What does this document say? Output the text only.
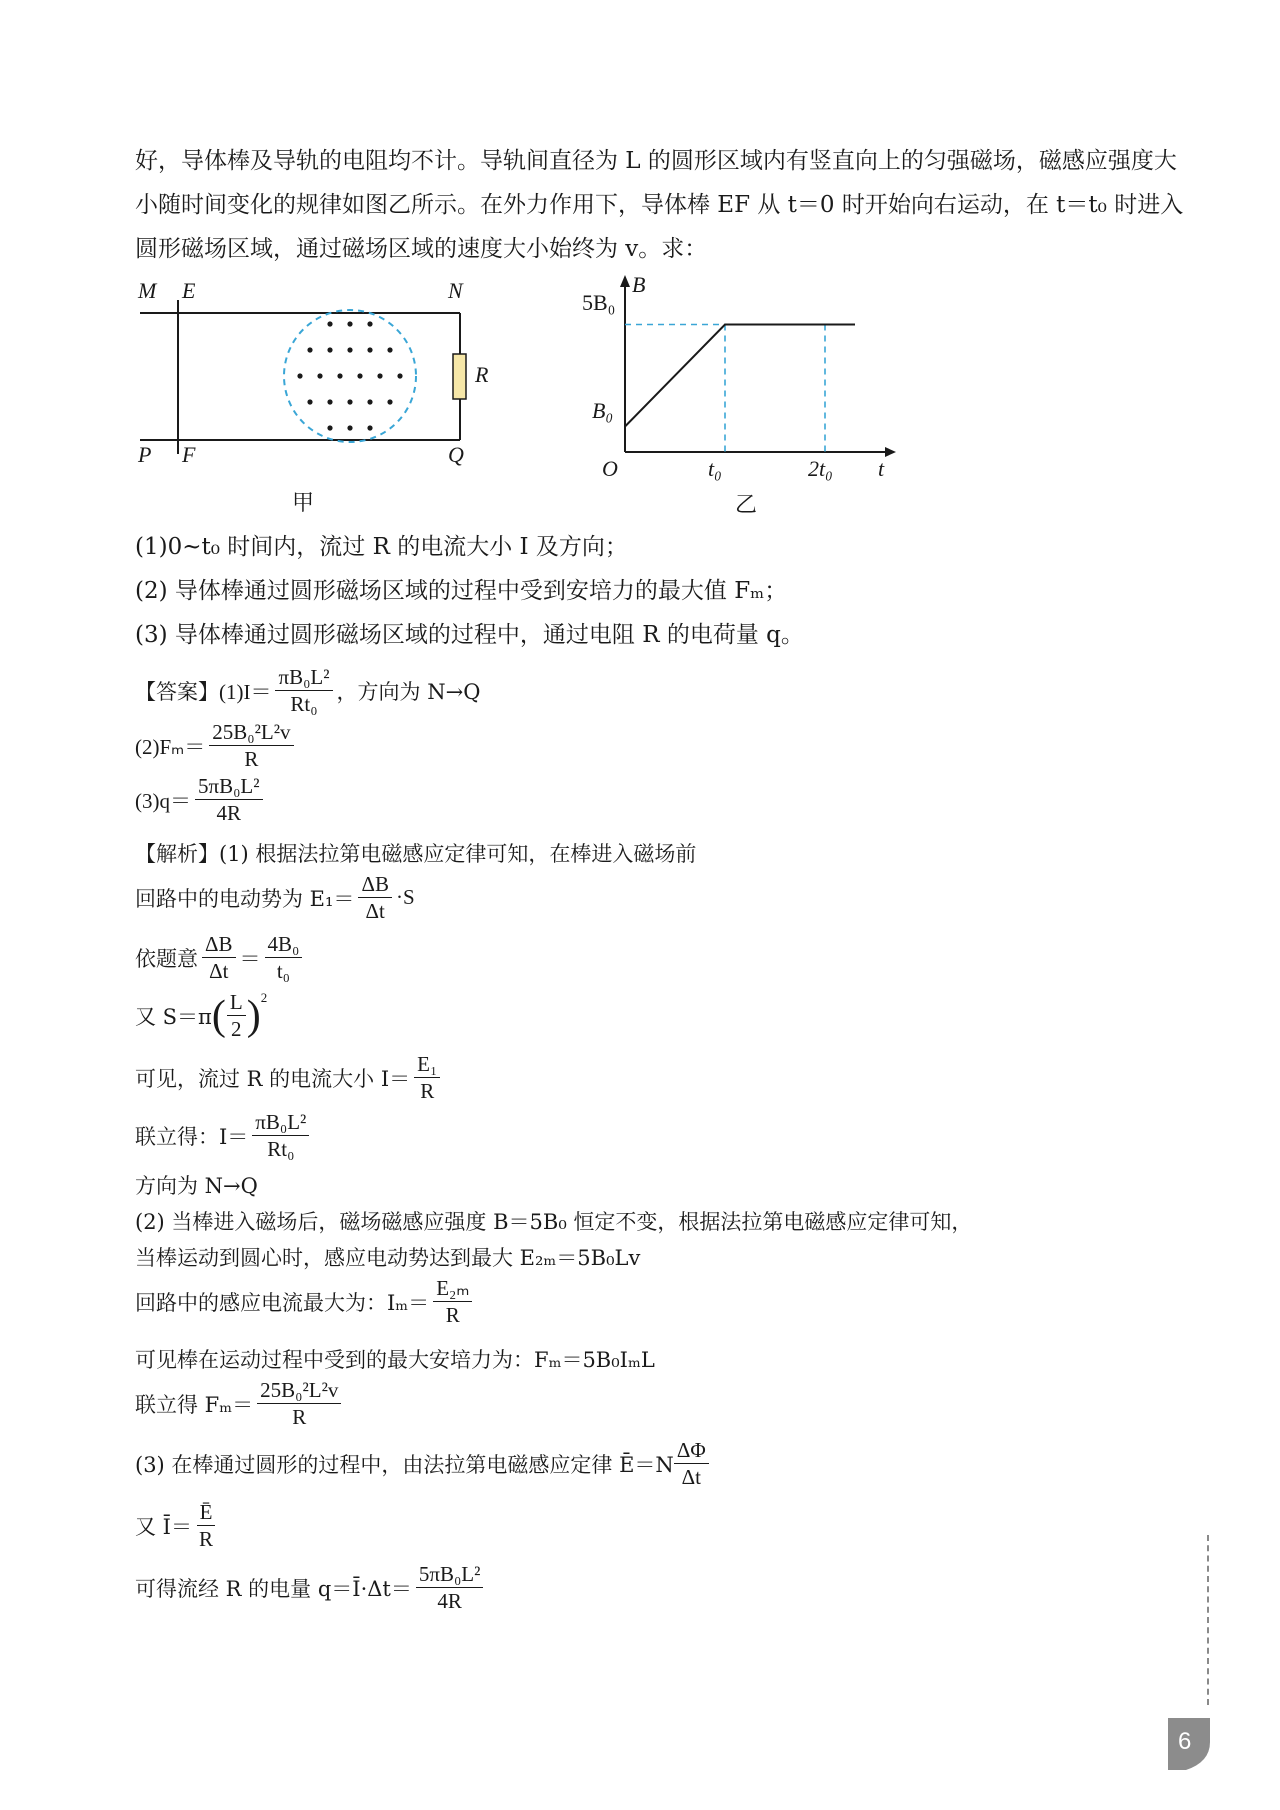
好，导体棒及导轨的电阻均不计。导轨间直径为 L 的圆形区域内有竖直向上的匀强磁场，磁感应强度大
小随时间变化的规律如图乙所示。在外力作用下，导体棒 EF 从 t＝0 时开始向右运动，在 t＝t₀ 时进入
圆形磁场区域，通过磁场区域的速度大小始终为 v。求：
M E	N
R
P F	Q
甲
B
5B₀
B₀
O	t₀	2t₀ t
乙
(1)0~t₀ 时间内，流过 R 的电流大小 I 及方向；
(2) 导体棒通过圆形磁场区域的过程中受到安培力的最大值 Fₘ；
(3) 导体棒通过圆形磁场区域的过程中，通过电阻 R 的电荷量 q。
【答案】 $(1)I= \frac{\text{πB₀L²}}{\text{Rt₀}}$ ，方向为 N→Q
$(2)F_m= \frac{\text{25B₀²L²v}}{R}$
$(3)q= \frac{\text{5πB₀L²}}{4R}$
【解析】 (1) 根据法拉第电磁感应定律可知，在棒进入磁场前
回路中的电动势为 $E_1= \frac{\Delta B}{\Delta t} \cdot S$
依题意 $\frac{\Delta B}{\Delta t} = \frac{\text{4B₀}}{\text{t₀}}$
又 S＝π ( $\frac{L}{2} )^2$
可见，流过 R 的电流大小 $I= \frac{\text{E₁}}{R}$
联立得：$I= \frac{\text{πB₀L²}}{\text{Rt₀}}$
方向为 N→Q
(2) 当棒进入磁场后，磁场磁感应强度 B＝5B₀ 恒定不变，根据法拉第电磁感应定律可知，
当棒运动到圆心时，感应电动势达到最大 E₂ₘ＝5B₀Lv
回路中的感应电流最大为：$I_m= \frac{\text{E₂ₘ}}{R}$
可见棒在运动过程中受到的最大安培力为：Fₘ＝5B₀IₘL
联立得 $F_m= \frac{\text{25B₀²L²v}}{R}$
(3) 在棒通过圆形的过程中，由法拉第电磁感应定律 Ē＝N $\frac{\Delta\Phi}{\Delta t}$
又 Ī＝ $\frac{Ē}{R}$
可得流经 R 的电量 q＝Ī·Δt＝ $\frac{\text{5πB₀L²}}{4R}$
6
